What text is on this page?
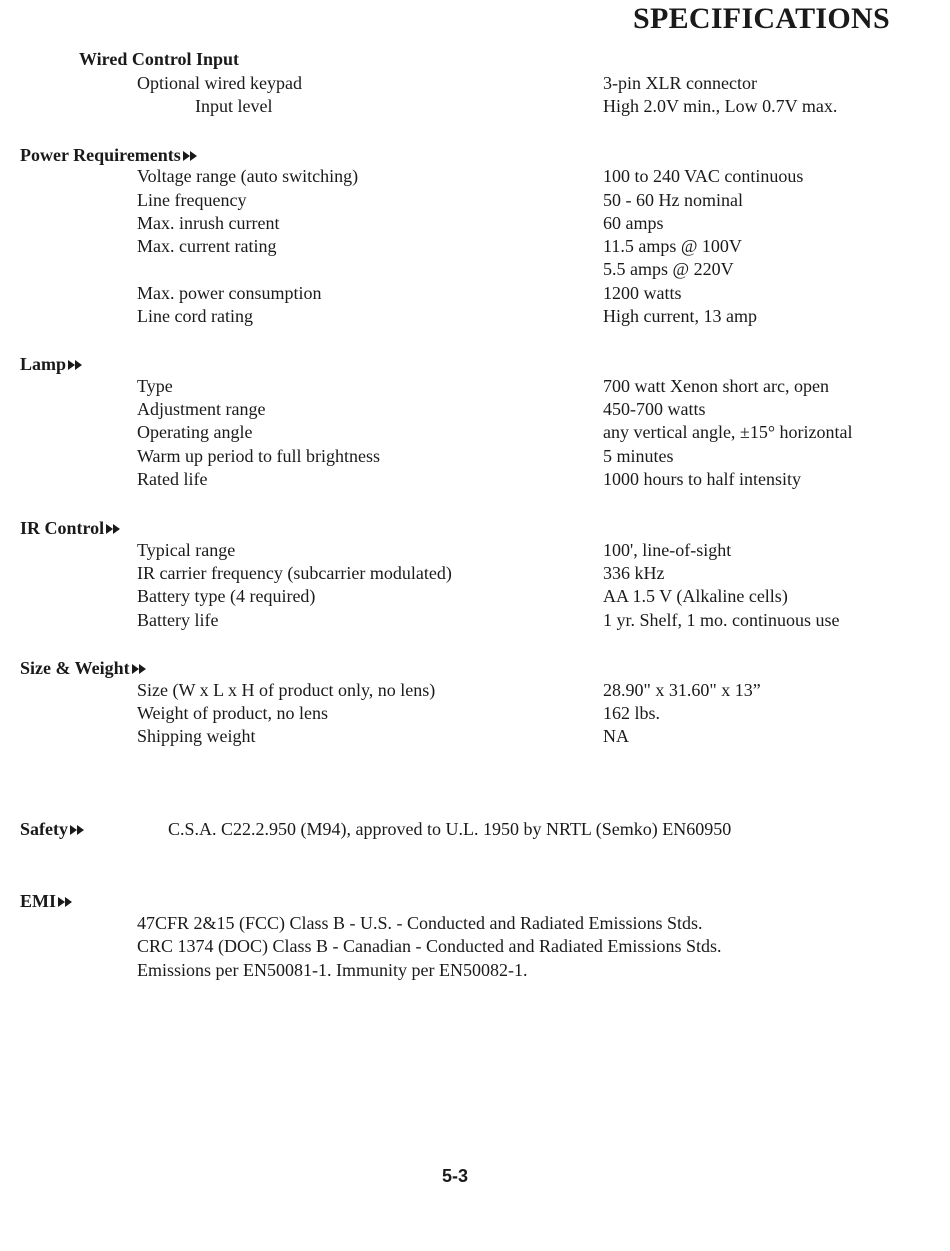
SPECIFICATIONS
Wired Control Input
Optional wired keypad	3-pin XLR connector
Input level	High 2.0V min., Low 0.7V max.
Power Requirements
Voltage range (auto switching)	100 to 240 VAC continuous
Line frequency	50 - 60 Hz nominal
Max. inrush current	60 amps
Max. current rating	11.5 amps @ 100V
5.5 amps @ 220V
Max. power consumption	1200 watts
Line cord rating	High current, 13 amp
Lamp
Type	700 watt Xenon short arc, open
Adjustment range	450-700 watts
Operating angle	any vertical angle, ±15° horizontal
Warm up period to full brightness	5 minutes
Rated life	1000 hours to half intensity
IR Control
Typical range	100', line-of-sight
IR carrier frequency (subcarrier modulated)	336 kHz
Battery type (4 required)	AA 1.5 V (Alkaline cells)
Battery life	1 yr. Shelf, 1 mo. continuous use
Size & Weight
Size (W x L x H of product only, no lens)	28.90" x 31.60" x 13”
Weight of product, no lens	162 lbs.
Shipping weight	NA
Safety	C.S.A. C22.2.950 (M94), approved to U.L. 1950 by NRTL (Semko) EN60950
EMI
47CFR 2&15 (FCC) Class B - U.S. - Conducted and Radiated Emissions Stds.
CRC 1374 (DOC) Class B - Canadian - Conducted and Radiated Emissions Stds.
Emissions per EN50081-1. Immunity per EN50082-1.
5-3
